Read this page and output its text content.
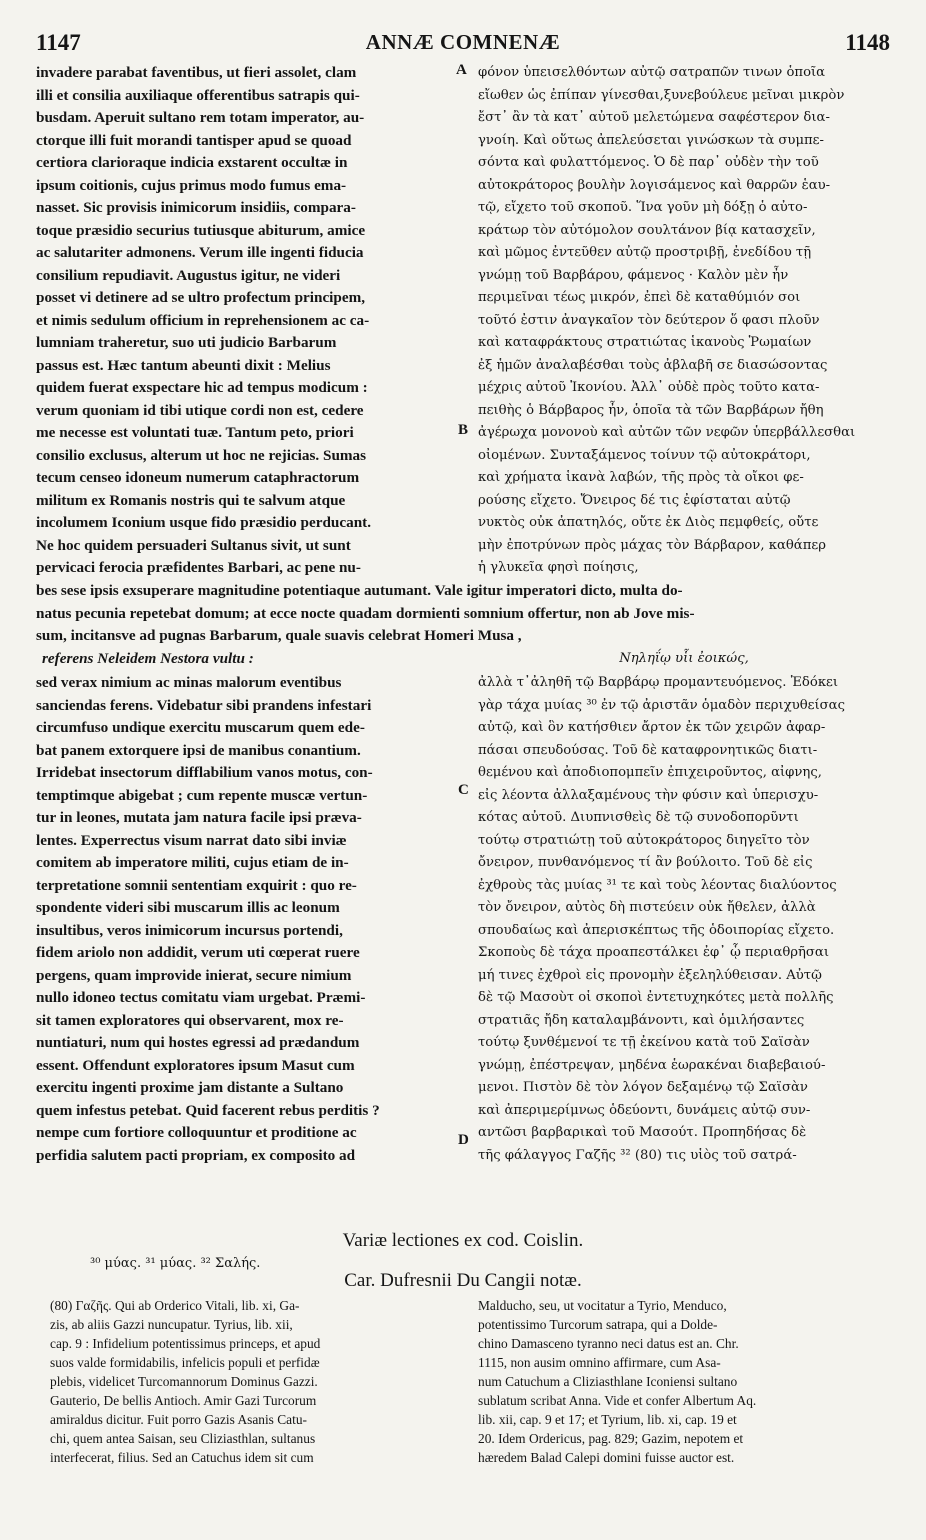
1147	ANNÆ COMNENÆ	1148
invadere parabat faventibus, ut fieri assolet, clam
illi et consilia auxiliaque offerentibus satrapis qui-
busdam. Aperuit sultano rem totam imperator, au-
ctorque illi fuit morandi tantisper apud se quoad
certiora clarioraque indicia exstarent occultæ in
ipsum coitionis, cujus primus modo fumus ema-
nasset. Sic provisis inimicorum insidiis, compara-
toque præsidio securius tutiusque abiturum, amice
ac salutariter admonens. Verum ille ingenti fiducia
consilium repudiavit. Augustus igitur, ne videri
posset vi detinere ad se ultro profectum principem,
et nimis sedulum officium in reprehensionem ac ca-
lumniam traheretur, suo uti judicio Barbarum
passus est. Hæc tantum abeunti dixit : Melius
quidem fuerat exspectare hic ad tempus modicum :
verum quoniam id tibi utique cordi non est, cedere
me necesse est voluntati tuæ. Tantum peto, priori
consilio exclusus, alterum ut hoc ne rejicias. Sumas
tecum censeo idoneum numerum cataphractorum
militum ex Romanis nostris qui te salvum atque
incolumem Iconium usque fido præsidio perducant.
Ne hoc quidem persuaderi Sultanus sivit, ut sunt
pervicaci ferocia præfidentes Barbari, ac pene nu-
φόνον ὑπεισελθόντων αὐτῷ σατραπῶν τινων ὁποῖα
εἴωθεν ὡς ἐπίπαν γίνεσθαι,ξυνεβούλευε μεῖναι μικρὸν
ἔστ᾽ ἂν τὰ κατ᾽ αὐτοῦ μελετώμενα σαφέστερον δια-
γνοίη. Καὶ οὕτως ἀπελεύσεται γινώσκων τὰ συμπε-
σόντα καὶ φυλαττόμενος. Ὁ δὲ παρ᾽ οὐδὲν τὴν τοῦ
αὐτοκράτορος βουλὴν λογισάμενος καὶ θαρρῶν ἑαυ-
τῷ, εἴχετο τοῦ σκοποῦ. Ἵνα γοῦν μὴ δόξῃ ὁ αὐτο-
κράτωρ τὸν αὐτόμολον σουλτάνον βίᾳ κατασχεῖν,
καὶ μῶμος ἐντεῦθεν αὐτῷ προστριβῇ, ἐνεδίδου τῇ
γνώμῃ τοῦ Βαρβάρου, φάμενος · Καλὸν μὲν ἦν
περιμεῖναι τέως μικρόν, ἐπεὶ δὲ καταθύμιόν σοι
τοῦτό ἐστιν ἀναγκαῖον τὸν δεύτερον ὅ φασι πλοῦν
καὶ καταφράκτους στρατιώτας ἱκανοὺς Ῥωμαίων
ἐξ ἡμῶν ἀναλαβέσθαι τοὺς ἀβλαβῆ σε διασώσοντας
μέχρις αὐτοῦ Ἰκονίου. Ἀλλ᾽ οὐδὲ πρὸς τοῦτο κατα-
πειθὴς ὁ Βάρβαρος ἦν, ὁποῖα τὰ τῶν Βαρβάρων ἤθη
ἀγέρωχα μονονοὺ καὶ αὐτῶν τῶν νεφῶν ὑπερβάλλεσθαι
οἰομένων. Συνταξάμενος τοίνυν τῷ αὐτοκράτορι,
καὶ χρήματα ἱκανὰ λαβών, τῆς πρὸς τὰ οἴκοι φε-
ρούσης εἴχετο. Ὄνειρος δέ τις ἐφίσταται αὐτῷ
νυκτὸς οὐκ ἀπατηλός, οὔτε ἐκ Διὸς πεμφθείς, οὔτε
μὴν ἐποτρύνων πρὸς μάχας τὸν Βάρβαρον, καθάπερ
ἡ γλυκεῖα φησὶ ποίησις,
A
B
C
D
bes sese ipsis exsuperare magnitudine potentiaque autumant. Vale igitur imperatori dicto, multa do-
natus pecunia repetebat domum; at ecce nocte quadam dormienti somnium offertur, non ab Jove mis-
sum, incitansve ad pugnas Barbarum, quale suavis celebrat Homeri Musa ,
referens Neleidem Nestora vultu :	Νηληΐῳ υἷι ἐοικώς,
sed verax nimium ac minas malorum eventibus
sanciendas ferens. Videbatur sibi prandens infestari
circumfuso undique exercitu muscarum quem ede-
bat panem extorquere ipsi de manibus conantium.
Irridebat insectorum difflabilium vanos motus, con-
temptimque abigebat ; cum repente muscæ vertun-
tur in leones, mutata jam natura facile ipsi præva-
lentes. Experrectus visum narrat dato sibi inviæ
comitem ab imperatore militi, cujus etiam de in-
terpretatione somnii sententiam exquirit : quo re-
spondente videri sibi muscarum illis ac leonum
insultibus, veros inimicorum incursus portendi,
fidem ariolo non addidit, verum uti cœperat ruere
pergens, quam improvide inierat, secure nimium
nullo idoneo tectus comitatu viam urgebat. Præmi-
sit tamen exploratores qui observarent, mox re-
nuntiaturi, num qui hostes egressi ad prædandum
essent. Offendunt exploratores ipsum Masut cum
exercitu ingenti proxime jam distante a Sultano
quem infestus petebat. Quid facerent rebus perditis ?
nempe cum fortiore colloquuntur et proditione ac
perfidia salutem pacti propriam, ex composito ad
ἀλλὰ τ᾽ἀληθῆ τῷ Βαρβάρῳ προμαντευόμενος. Ἐδόκει
γὰρ τάχα μυίας ³⁰ ἐν τῷ ἀριστᾶν ὁμαδὸν περιχυθείσας
αὐτῷ, καὶ ὃν κατήσθιεν ἄρτον ἐκ τῶν χειρῶν ἀφαρ-
πάσαι σπευδούσας. Τοῦ δὲ καταφρονητικῶς διατι-
θεμένου καὶ ἀποδιοπομπεῖν ἐπιχειροῦντος, αἰφνης,
εἰς λέοντα ἀλλαξαμένους τὴν φύσιν καὶ ὑπερισχυ-
κότας αὐτοῦ. Διυπνισθεὶς δὲ τῷ συνοδοπορῦντι
τούτῳ στρατιώτῃ τοῦ αὐτοκράτορος διηγεῖτο τὸν
ὄνειρον, πυνθανόμενος τί ἂν βούλοιτο. Τοῦ δὲ εἰς
ἐχθροὺς τὰς μυίας ³¹ τε καὶ τοὺς λέοντας διαλύοντος
τὸν ὄνειρον, αὐτὸς δὴ πιστεύειν οὐκ ἤθελεν, ἀλλὰ
σπουδαίως καὶ ἀπερισκέπτως τῆς ὁδοιπορίας εἴχετο.
Σκοποὺς δὲ τάχα προαπεστάλκει ἐφ᾽ ᾧ περιαθρῆσαι
μή τινες ἐχθροὶ εἰς προνομὴν ἐξεληλύθεισαν. Αὐτῷ
δὲ τῷ Μασοὺτ οἱ σκοποὶ ἐντετυχηκότες μετὰ πολλῆς
στρατιᾶς ἤδη καταλαμβάνοντι, καὶ ὁμιλήσαντες
τούτῳ ξυνθέμενοί τε τῇ ἐκείνου κατὰ τοῦ Σαϊσὰν
γνώμῃ, ἐπέστρεψαν, μηδένα ἑωρακέναι διαβεβαιού-
μενοι. Πιστὸν δὲ τὸν λόγον δεξαμένῳ τῷ Σαϊσὰν
καὶ ἀπεριμερίμνως ὁδεύοντι, δυνάμεις αὐτῷ συν-
αντῶσι βαρβαρικαὶ τοῦ Μασούτ. Προπηδήσας δὲ
τῆς φάλαγγος Γαζῆς ³² (80) τις υἱὸς τοῦ σατρά-
Variæ lectiones ex cod. Coislin.
³⁰ μύας. ³¹ μύας. ³² Σαλής.
Car. Dufresnii Du Cangii notæ.
(80) Γαζῆς. Qui ab Orderico Vitali, lib. xi, Ga-
zis, ab aliis Gazzi nuncupatur. Tyrius, lib. xii,
cap. 9 : Infidelium potentissimus princeps, et apud
suos valde formidabilis, infelicis populi et perfidæ
plebis, videlicet Turcomannorum Dominus Gazzi.
Gauterio, De bellis Antioch. Amir Gazi Turcorum
amiraldus dicitur. Fuit porro Gazis Asanis Catu-
chi, quem antea Saisan, seu Cliziasthlan, sultanus
interfecerat, filius. Sed an Catuchus idem sit cum
Malducho, seu, ut vocitatur a Tyrio, Menduco,
potentissimo Turcorum satrapa, qui a Dolde-
chino Damasceno tyranno neci datus est an. Chr.
1115, non ausim omnino affirmare, cum Asa-
num Catuchum a Cliziasthlane Iconiensi sultano
sublatum scribat Anna. Vide et confer Albertum Aq.
lib. xii, cap. 9 et 17; et Tyrium, lib. xi, cap. 19 et
20. Idem Ordericus, pag. 829; Gazim, nepotem et
hæredem Balad Calepi domini fuisse auctor est.
